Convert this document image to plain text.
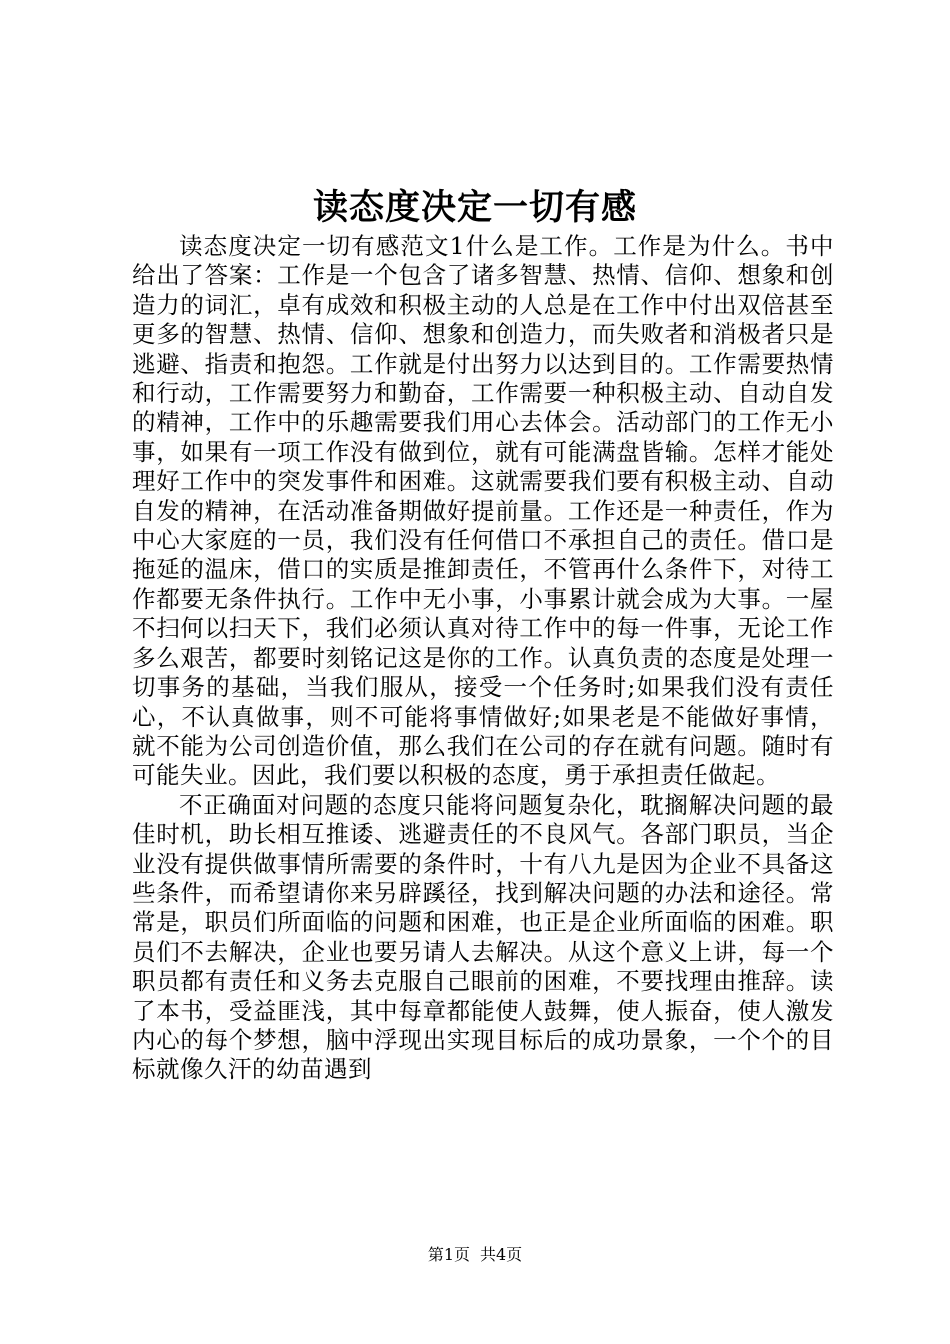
读态度决定一切有感

读态度决定一切有感范文1什么是工作。工作是为什么。书中给出了答案：工作是一个包含了诸多智慧、热情、信仰、想象和创造力的词汇，卓有成效和积极主动的人总是在工作中付出双倍甚至更多的智慧、热情、信仰、想象和创造力，而失败者和消极者只是逃避、指责和抱怨。工作就是付出努力以达到目的。工作需要热情和行动，工作需要努力和勤奋，工作需要一种积极主动、自动自发的精神，工作中的乐趣需要我们用心去体会。活动部门的工作无小事，如果有一项工作没有做到位，就有可能满盘皆输。怎样才能处理好工作中的突发事件和困难。这就需要我们要有积极主动、自动自发的精神，在活动准备期做好提前量。工作还是一种责任，作为中心大家庭的一员，我们没有任何借口不承担自己的责任。借口是拖延的温床，借口的实质是推卸责任，不管再什么条件下，对待工作都要无条件执行。工作中无小事，小事累计就会成为大事。一屋不扫何以扫天下，我们必须认真对待工作中的每一件事，无论工作多么艰苦，都要时刻铭记这是你的工作。认真负责的态度是处理一切事务的基础，当我们服从，接受一个任务时;如果我们没有责任心，不认真做事，则不可能将事情做好;如果老是不能做好事情，就不能为公司创造价值，那么我们在公司的存在就有问题。随时有可能失业。因此，我们要以积极的态度，勇于承担责任做起。

不正确面对问题的态度只能将问题复杂化，耽搁解决问题的最佳时机，助长相互推诿、逃避责任的不良风气。各部门职员，当企业没有提供做事情所需要的条件时，十有八九是因为企业不具备这些条件，而希望请你来另辟蹊径，找到解决问题的办法和途径。常常是，职员们所面临的问题和困难，也正是企业所面临的困难。职员们不去解决，企业也要另请人去解决。从这个意义上讲，每一个职员都有责任和义务去克服自己眼前的困难，不要找理由推辞。读了本书，受益匪浅，其中每章都能使人鼓舞，使人振奋，使人激发内心的每个梦想，脑中浮现出实现目标后的成功景象，一个个的目标就像久汗的幼苗遇到

第1页 共4页
